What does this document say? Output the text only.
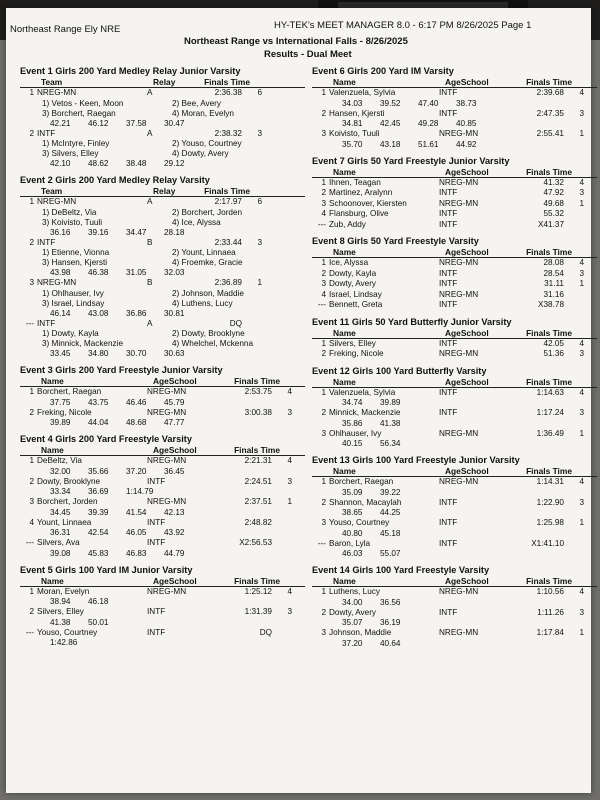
Northeast Range Ely NRE	HY-TEK's MEET MANAGER 8.0 - 6:17 PM 8/26/2025 Page 1
Northeast Range vs International Falls - 8/26/2025
Results - Dual Meet
Event 1 Girls 200 Yard Medley Relay Junior Varsity
Team	Relay	Finals Time
1 NREG-MN	A	2:36.38	6
1) Vetos - Keen, Moon	2) Bee, Avery
3) Borchert, Raegan	4) Moran, Evelyn
42.21	46.12	37.58	30.47
2 INTF	A	2:38.32	3
1) McIntyre, Finley	2) Youso, Courtney
3) Silvers, Elley	4) Dowty, Avery
42.10	48.62	38.48	29.12
Event 2 Girls 200 Yard Medley Relay Varsity
Team	Relay	Finals Time
1 NREG-MN	A	2:17.97	6
1) DeBeltz, Via	2) Borchert, Jorden
3) Koivisto, Tuuli	4) Ice, Alyssa
36.16	39.16	34.47	28.18
2 INTF	B	2:33.44	3
1) Etienne, Vionna	2) Yount, Linnaea
3) Hansen, Kjersti	4) Froemke, Gracie
43.98	46.38	31.05	32.03
3 NREG-MN	B	2:36.89	1
1) Ohlhauser, Ivy	2) Johnson, Maddie
3) Israel, Lindsay	4) Luthens, Lucy
46.14	43.08	36.86	30.81
--- INTF	A	DQ
1) Dowty, Kayla	2) Dowty, Brooklyne
3) Minnick, Mackenzie	4) Whelchel, Mckenna
33.45	34.80	30.70	30.63
Event 3 Girls 200 Yard Freestyle Junior Varsity
Name	AgeSchool	Finals Time
1 Borchert, Raegan	NREG-MN	2:53.75	4
37.75	43.75	46.46	45.79
2 Freking, Nicole	NREG-MN	3:00.38	3
39.89	44.04	48.68	47.77
Event 4 Girls 200 Yard Freestyle Varsity
Name	AgeSchool	Finals Time
1 DeBeltz, Via	NREG-MN	2:21.31	4
32.00	35.66	37.20	36.45
2 Dowty, Brooklyne	INTF	2:24.51	3
33.34	36.69	1:14.79
3 Borchert, Jorden	NREG-MN	2:37.51	1
34.45	39.39	41.54	42.13
4 Yount, Linnaea	INTF	2:48.82
36.31	42.54	46.05	43.92
--- Silvers, Ava	INTF	X2:56.53
39.08	45.83	46.83	44.79
Event 5 Girls 100 Yard IM Junior Varsity
Name	AgeSchool	Finals Time
1 Moran, Evelyn	NREG-MN	1:25.12	4
38.94	46.18
2 Silvers, Elley	INTF	1:31.39	3
41.38	50.01
--- Youso, Courtney	INTF	DQ
1:42.86
Event 6 Girls 200 Yard IM Varsity
Name	AgeSchool	Finals Time
1 Valenzuela, Sylvia	INTF	2:39.68	4
34.03	39.52	47.40	38.73
2 Hansen, Kjersti	INTF	2:47.35	3
34.81	42.45	49.28	40.85
3 Koivisto, Tuuli	NREG-MN	2:55.41	1
35.70	43.18	51.61	44.92
Event 7 Girls 50 Yard Freestyle Junior Varsity
Name	AgeSchool	Finals Time
1 Ihnen, Teagan	NREG-MN	41.32	4
2 Martinez, Aralynn	INTF	47.92	3
3 Schoonover, Kiersten	NREG-MN	49.68	1
4 Flansburg, Olive	INTF	55.32
--- Zub, Addy	INTF	X41.37
Event 8 Girls 50 Yard Freestyle Varsity
Name	AgeSchool	Finals Time
1 Ice, Alyssa	NREG-MN	28.08	4
2 Dowty, Kayla	INTF	28.54	3
3 Dowty, Avery	INTF	31.11	1
4 Israel, Lindsay	NREG-MN	31.16
--- Bennett, Greta	INTF	X38.78
Event 11 Girls 50 Yard Butterfly Junior Varsity
Name	AgeSchool	Finals Time
1 Silvers, Elley	INTF	42.05	4
2 Freking, Nicole	NREG-MN	51.36	3
Event 12 Girls 100 Yard Butterfly Varsity
Name	AgeSchool	Finals Time
1 Valenzuela, Sylvia	INTF	1:14.63	4
34.74	39.89
2 Minnick, Mackenzie	INTF	1:17.24	3
35.86	41.38
3 Ohlhauser, Ivy	NREG-MN	1:36.49	1
40.15	56.34
Event 13 Girls 100 Yard Freestyle Junior Varsity
Name	AgeSchool	Finals Time
1 Borchert, Raegan	NREG-MN	1:14.31	4
35.09	39.22
2 Shannon, Macaylah	INTF	1:22.90	3
38.65	44.25
3 Youso, Courtney	INTF	1:25.98	1
40.80	45.18
--- Baron, Lyla	INTF	X1:41.10
46.03	55.07
Event 14 Girls 100 Yard Freestyle Varsity
Name	AgeSchool	Finals Time
1 Luthens, Lucy	NREG-MN	1:10.56	4
34.00	36.56
2 Dowty, Avery	INTF	1:11.26	3
35.07	36.19
3 Johnson, Maddie	NREG-MN	1:17.84	1
37.20	40.64
